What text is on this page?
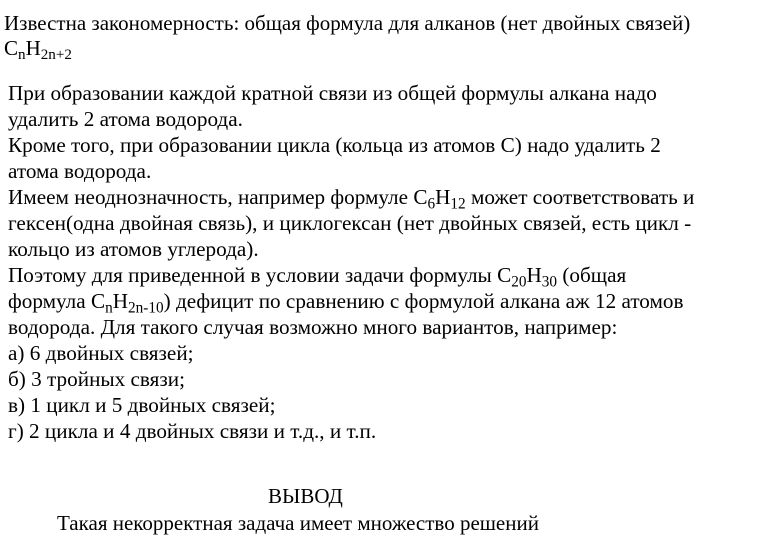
Известна закономерность: общая формула для алканов (нет двойных связей)
$C_nH_{2n+2}$
При образовании каждой кратной связи из общей формулы алкана надо
удалить 2 атома водорода.
Кроме того, при образовании цикла (кольца из атомов С) надо удалить 2
атома водорода.
Имеем неоднозначность, например формуле $С_6Н_{12}$ может соответствовать и
гексен(одна двойная связь), и циклогексан (нет двойных связей, есть цикл -
кольцо из атомов углерода).
Поэтому для приведенной в условии задачи формулы $С_{20}Н_{30}$ (общая
формула $С_nН_{2n-10}$) дефицит по сравнению с формулой алкана аж 12 атомов
водорода. Для такого случая возможно много вариантов, например:
а) 6 двойных связей;
б) 3 тройных связи;
в) 1 цикл и 5 двойных связей;
г) 2 цикла и 4 двойных связи и т.д., и т.п.
ВЫВОД
Такая некорректная задача имеет множество решений
